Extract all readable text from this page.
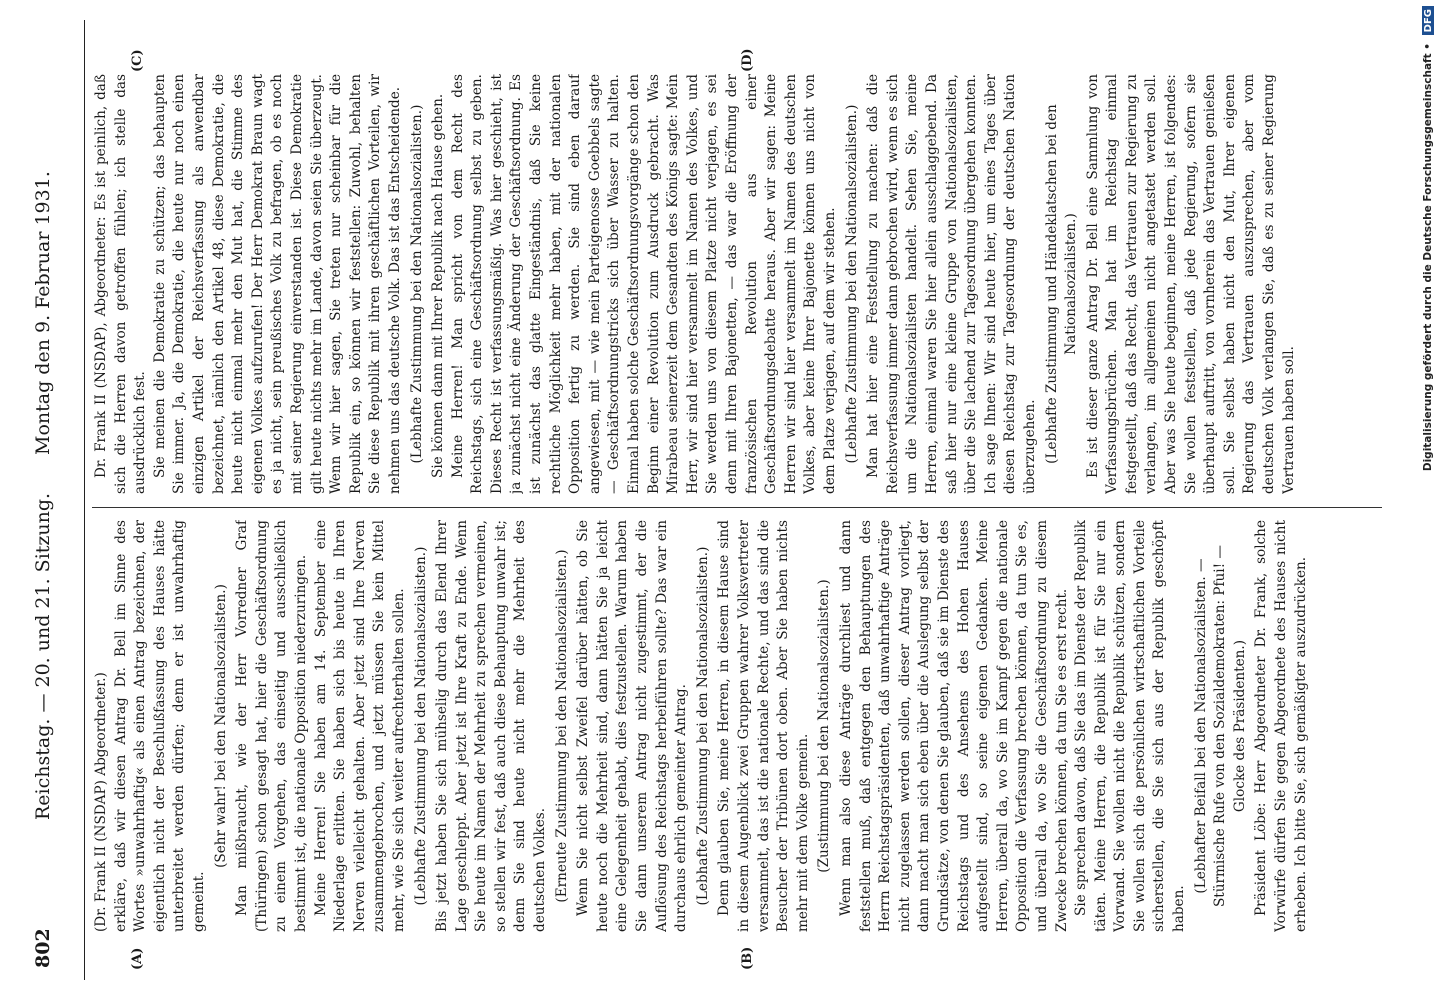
802
Reichstag. — 20. und 21. Sitzung.
Montag den 9. Februar 1931.
(A)	(B)
(C)	(D)

(Dr. Frank II (NSDAP) Abgeordneter.) erkläre, daß wir diesen Antrag Dr. Bell im Sinne des Wortes »unwahrhaftig« als einen Antrag bezeichnen, der eigentlich nicht der Beschlußfassung des Hauses hätte unterbreitet werden dürfen; denn er ist unwahrhaftig gemeint.

(Sehr wahr! bei den Nationalsozialisten.) Man mißbraucht, wie der Herr Vorredner Graf (Thüringen) schon gesagt hat, hier die Geschäftsordnung zu einem Vorgehen, das einseitig und ausschließlich bestimmt ist, die nationale Opposition niederzuringen. Meine Herren! Sie haben am 14. September eine Niederlage erlitten. Sie haben sich bis heute in Ihren Nerven vielleicht gehalten. Aber jetzt sind Ihre Nerven zusammengebrochen, und jetzt müssen Sie kein Mittel mehr, wie Sie sich weiter aufrechterhalten sollen. (Lebhafte Zustimmung bei den Nationalsozialisten.) Bis jetzt haben Sie sich mühselig durch das Elend Ihrer Lage geschleppt. Aber jetzt ist Ihre Kraft zu Ende. Wenn Sie heute im Namen der Mehrheit zu sprechen vermeinen, so stellen wir fest, daß auch diese Behauptung unwahr ist; denn Sie sind heute nicht mehr die Mehrheit des deutschen Volkes. (Erneute Zustimmung bei den Nationalsozialisten.) Wenn Sie nicht selbst Zweifel darüber hätten, ob Sie heute noch die Mehrheit sind, dann hätten Sie ja leicht eine Gelegenheit gehabt, dies festzustellen. Warum haben Sie dann unserem Antrag nicht zugestimmt, der die Auflösung des Reichstags herbeiführen sollte? Das war ein durchaus ehrlich gemeinter Antrag. (Lebhafte Zustimmung bei den Nationalsozialisten.) Denn glauben Sie, meine Herren, in diesem Hause sind in diesem Augenblick zwei Gruppen wahrer Volksvertreter versammelt, das ist die nationale Rechte, und das sind die Besucher der Tribünen dort oben. Aber Sie haben nichts mehr mit dem Volke gemein. (Zustimmung bei den Nationalsozialisten.) Wenn man also diese Anträge durchliest und dann feststellen muß, daß entgegen den Behauptungen des Herrn Reichstagspräsidenten, daß unwahrhaftige Anträge nicht zugelassen werden sollen, dieser Antrag vorliegt, dann macht man sich eben über die Auslegung selbst der Grundsätze, von denen Sie glauben, daß sie im Dienste des Reichstags und des Ansehens des Hohen Hauses aufgestellt sind, so seine eigenen Gedanken. Meine Herren, überall da, wo Sie im Kampf gegen die nationale Opposition die Verfassung brechen können, da tun Sie es, und überall da, wo Sie die Geschäftsordnung zu diesem Zwecke brechen können, da tun Sie es erst recht. Sie sprechen davon, daß Sie das im Dienste der Republik täten. Meine Herren, die Republik ist für Sie nur ein Vorwand. Sie wollen nicht die Republik schützen, sondern Sie wollen sich die persönlichen wirtschaftlichen Vorteile sicherstellen, die Sie sich aus der Republik geschöpft haben.

(Lebhafter Beifall bei den Nationalsozialisten. — Stürmische Rufe von den Sozialdemokraten: Pfui! — Glocke des Präsidenten.) Präsident Löbe: Herr Abgeordneter Dr. Frank, solche Vorwürfe dürfen Sie gegen Abgeordnete des Hauses nicht erheben. Ich bitte Sie, sich gemäßigter auszudrücken.

Dr. Frank II (NSDAP), Abgeordneter: Es ist peinlich, daß sich die Herren davon getroffen fühlen; ich stelle das ausdrücklich fest. Sie meinen die Demokratie zu schützen; das behaupten Sie immer. Ja, die Demokratie, die heute nur noch einen einzigen Artikel der Reichsverfassung als anwendbar bezeichnet, nämlich den Artikel 48, diese Demokratie, die heute nicht einmal mehr den Mut hat, die Stimme des eigenen Volkes aufzurufen! Der Herr Demokrat Braun wagt es ja nicht, sein preußisches Volk zu befragen, ob es noch mit seiner Regierung einverstanden ist. Diese Demokratie gilt heute nichts mehr im Lande, davon seien Sie überzeugt. Wenn wir hier sagen, Sie treten nur scheinbar für die Republik ein, so können wir feststellen: Zuwohl, behalten Sie diese Republik mit ihren geschäftlichen Vorteilen, wir nehmen uns das deutsche Volk. Das ist das Entscheidende. (Lebhafte Zustimmung bei den Nationalsozialisten.) Sie können dann mit Ihrer Republik nach Hause gehen. Meine Herren! Man spricht von dem Recht des Reichstags, sich eine Geschäftsordnung selbst zu geben. Dieses Recht ist verfassungsmäßig. Was hier geschieht, ist ja zunächst nicht eine Änderung der Geschäftsordnung. Es ist zunächst das glatte Eingeständnis, daß Sie keine rechtliche Möglichkeit mehr haben, mit der nationalen Opposition fertig zu werden. Sie sind eben darauf angewiesen, mit — wie mein Parteigenosse Goebbels sagte — Geschäftsordnungstricks sich über Wasser zu halten. Einmal haben solche Geschäftsordnungsvorgänge schon den Beginn einer Revolution zum Ausdruck gebracht. Was Mirabeau seinerzeit dem Gesandten des Königs sagte: Mein Herr, wir sind hier versammelt im Namen des Volkes, und Sie werden uns von diesem Platze nicht verjagen, es sei denn mit Ihren Bajonetten, — das war die Eröffnung der französischen Revolution aus einer Geschäftsordnungsdebatte heraus. Aber wir sagen: Meine Herren wir sind hier versammelt im Namen des deutschen Volkes, aber keine Ihrer Bajonette können uns nicht von dem Platze verjagen, auf dem wir stehen. (Lebhafte Zustimmung bei den Nationalsozialisten.) Man hat hier eine Feststellung zu machen: daß die Reichsverfassung immer dann gebrochen wird, wenn es sich um die Nationalsozialisten handelt. Sehen Sie, meine Herren, einmal waren Sie hier allein ausschlaggebend. Da saß hier nur eine kleine Gruppe von Nationalsozialisten, über die Sie lachend zur Tagesordnung übergehen konnten. Ich sage Ihnen: Wir sind heute hier, um eines Tages über diesen Reichstag zur Tagesordnung der deutschen Nation überzugehen. (Lebhafte Zustimmung und Händeklatschen bei den Nationalsozialisten.) Es ist dieser ganze Antrag Dr. Bell eine Sammlung von Verfassungsbrüchen. Man hat im Reichstag einmal festgestellt, daß das Recht, das Vertrauen zur Regierung zu verlangen, im allgemeinen nicht angetastet werden soll. Aber was Sie heute beginnen, meine Herren, ist folgendes: Sie wollen feststellen, daß jede Regierung, sofern sie überhaupt auftritt, von vornherein das Vertrauen genießen soll. Sie selbst haben nicht den Mut, Ihrer eigenen Regierung das Vertrauen auszusprechen, aber vom deutschen Volk verlangen Sie, daß es zu seiner Regierung Vertrauen haben soll.	Digitalisierung gefördert durch die Deutsche Forschungsgemeinschaft • DFG
